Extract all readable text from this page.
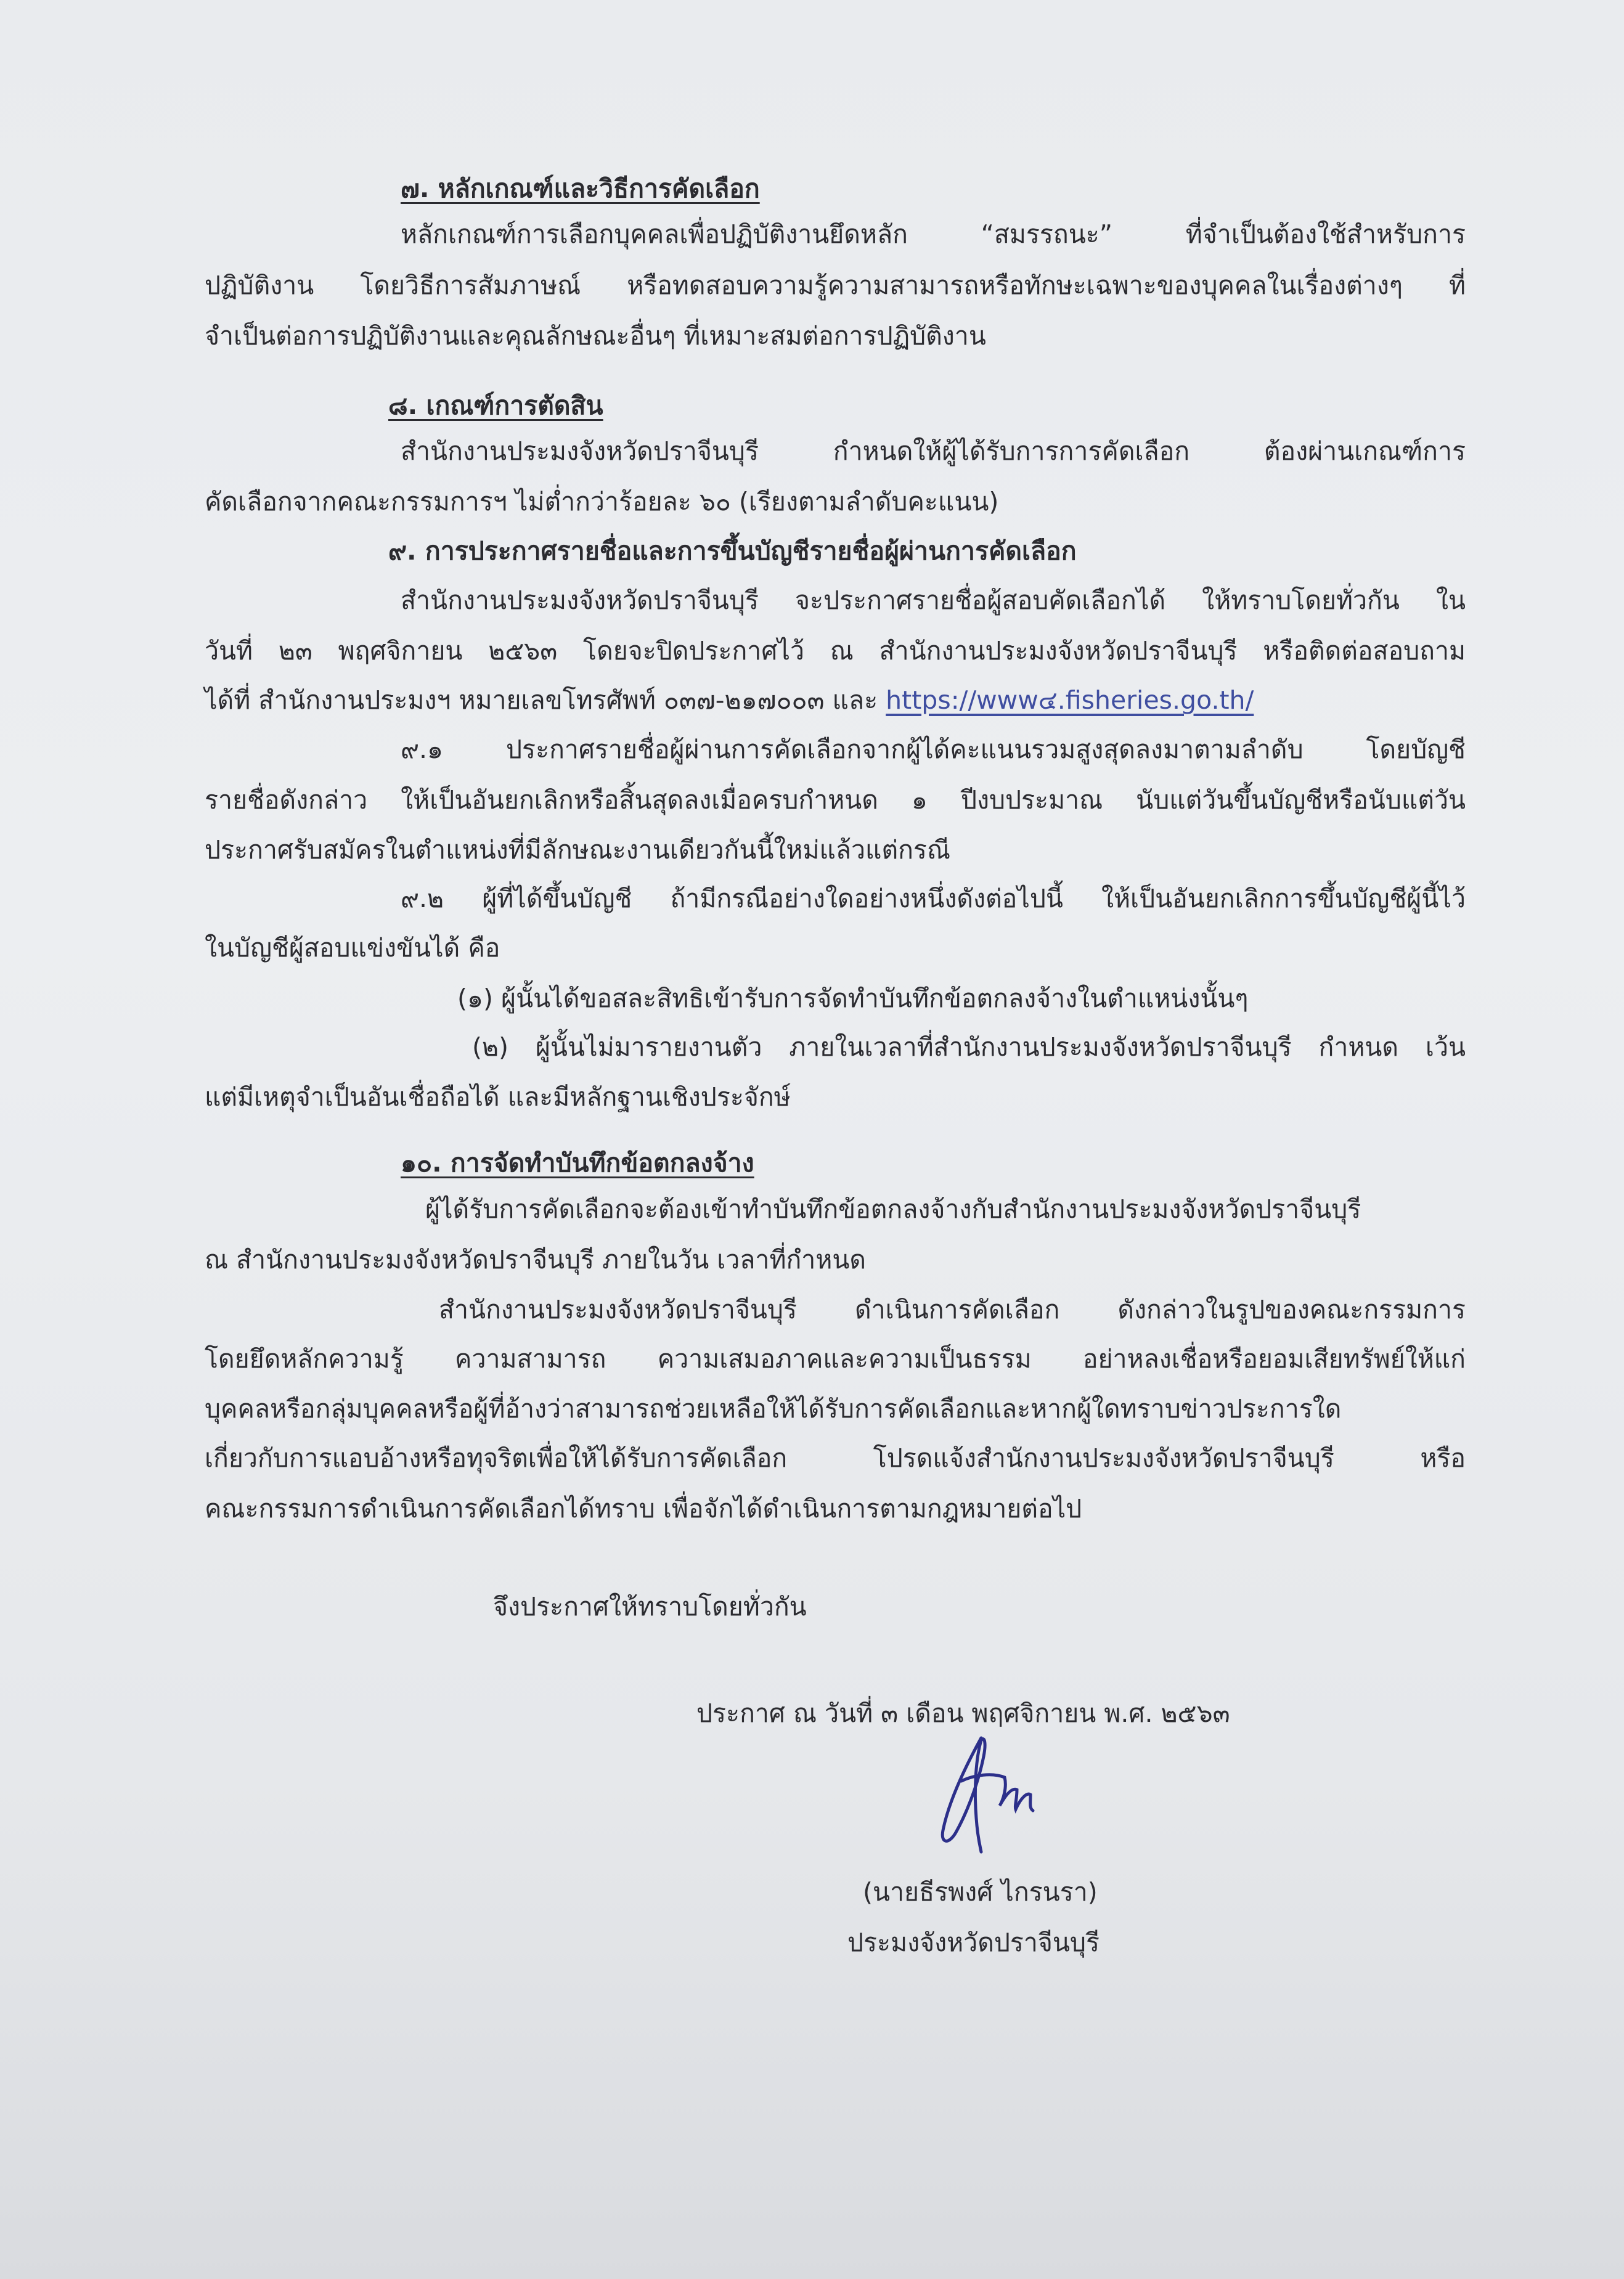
๗. หลักเกณฑ์และวิธีการคัดเลือก
หลักเกณฑ์การเลือกบุคคลเพื่อปฏิบัติงานยึดหลัก “สมรรถนะ” ที่จำเป็นต้องใช้สำหรับการ
ปฏิบัติงาน โดยวิธีการสัมภาษณ์ หรือทดสอบความรู้ความสามารถหรือทักษะเฉพาะของบุคคลในเรื่องต่างๆ ที่
จำเป็นต่อการปฏิบัติงานและคุณลักษณะอื่นๆ ที่เหมาะสมต่อการปฏิบัติงาน
๘. เกณฑ์การตัดสิน
สำนักงานประมงจังหวัดปราจีนบุรี กำหนดให้ผู้ได้รับการการคัดเลือก ต้องผ่านเกณฑ์การ
คัดเลือกจากคณะกรรมการฯ ไม่ต่ำกว่าร้อยละ ๖๐ (เรียงตามลำดับคะแนน)
๙. การประกาศรายชื่อและการขึ้นบัญชีรายชื่อผู้ผ่านการคัดเลือก
สำนักงานประมงจังหวัดปราจีนบุรี จะประกาศรายชื่อผู้สอบคัดเลือกได้ ให้ทราบโดยทั่วกัน ใน
วันที่ ๒๓ พฤศจิกายน ๒๕๖๓ โดยจะปิดประกาศไว้ ณ สำนักงานประมงจังหวัดปราจีนบุรี หรือติดต่อสอบถาม
ได้ที่ สำนักงานประมงฯ หมายเลขโทรศัพท์ ๐๓๗-๒๑๗๐๐๓ และ https://www๔.fisheries.go.th/
๙.๑ ประกาศรายชื่อผู้ผ่านการคัดเลือกจากผู้ได้คะแนนรวมสูงสุดลงมาตามลำดับ โดยบัญชี
รายชื่อดังกล่าว ให้เป็นอันยกเลิกหรือสิ้นสุดลงเมื่อครบกำหนด ๑ ปีงบประมาณ นับแต่วันขึ้นบัญชีหรือนับแต่วัน
ประกาศรับสมัครในตำแหน่งที่มีลักษณะงานเดียวกันนี้ใหม่แล้วแต่กรณี
๙.๒ ผู้ที่ได้ขึ้นบัญชี ถ้ามีกรณีอย่างใดอย่างหนึ่งดังต่อไปนี้ ให้เป็นอันยกเลิกการขึ้นบัญชีผู้นี้ไว้
ในบัญชีผู้สอบแข่งขันได้ คือ
(๑) ผู้นั้นได้ขอสละสิทธิเข้ารับการจัดทำบันทึกข้อตกลงจ้างในตำแหน่งนั้นๆ
(๒) ผู้นั้นไม่มารายงานตัว ภายในเวลาที่สำนักงานประมงจังหวัดปราจีนบุรี กำหนด เว้น
แต่มีเหตุจำเป็นอันเชื่อถือได้ และมีหลักฐานเชิงประจักษ์
๑๐. การจัดทำบันทึกข้อตกลงจ้าง
ผู้ได้รับการคัดเลือกจะต้องเข้าทำบันทึกข้อตกลงจ้างกับสำนักงานประมงจังหวัดปราจีนบุรี
ณ สำนักงานประมงจังหวัดปราจีนบุรี ภายในวัน เวลาที่กำหนด
สำนักงานประมงจังหวัดปราจีนบุรี ดำเนินการคัดเลือก ดังกล่าวในรูปของคณะกรรมการ
โดยยึดหลักความรู้ ความสามารถ ความเสมอภาคและความเป็นธรรม อย่าหลงเชื่อหรือยอมเสียทรัพย์ให้แก่
บุคคลหรือกลุ่มบุคคลหรือผู้ที่อ้างว่าสามารถช่วยเหลือให้ได้รับการคัดเลือกและหากผู้ใดทราบข่าวประการใด
เกี่ยวกับการแอบอ้างหรือทุจริตเพื่อให้ได้รับการคัดเลือก โปรดแจ้งสำนักงานประมงจังหวัดปราจีนบุรี หรือ
คณะกรรมการดำเนินการคัดเลือกได้ทราบ เพื่อจักได้ดำเนินการตามกฎหมายต่อไป
จึงประกาศให้ทราบโดยทั่วกัน
ประกาศ ณ วันที่ ๓ เดือน พฤศจิกายน พ.ศ. ๒๕๖๓
(นายธีรพงศ์ ไกรนรา)
ประมงจังหวัดปราจีนบุรี
